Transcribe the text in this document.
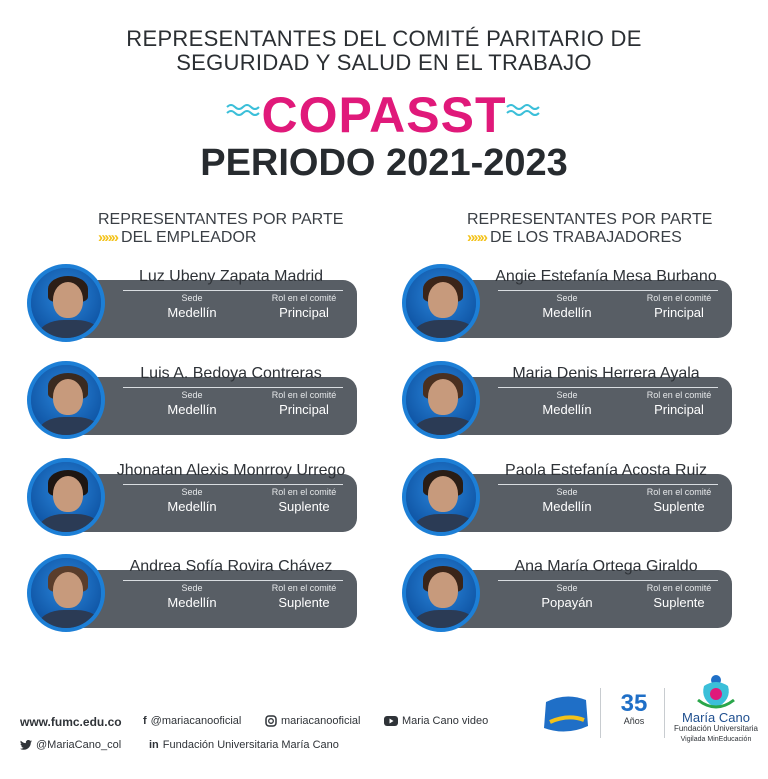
REPRESENTANTES DEL COMITÉ PARITARIO DE
SEGURIDAD Y SALUD EN EL TRABAJO
COPASST
PERIODO 2021-2023
REPRESENTANTES POR PARTE
»»» DEL EMPLEADOR
REPRESENTANTES POR PARTE
»»» DE LOS TRABAJADORES
Luz Ubeny Zapata Madrid
Sede	Rol en el comité
Medellín	Principal
Luis A. Bedoya Contreras
Sede	Rol en el comité
Medellín	Principal
Jhonatan Alexis Monrroy Urrego
Sede	Rol en el comité
Medellín	Suplente
Andrea Sofía Rovira Chávez
Sede	Rol en el comité
Medellín	Suplente
Angie Estefanía Mesa Burbano
Sede	Rol en el comité
Medellín	Principal
Maria Denis Herrera Ayala
Sede	Rol en el comité
Medellín	Principal
Paola Estefanía Acosta Ruiz
Sede	Rol en el comité
Medellín	Suplente
Ana María Ortega Giraldo
Sede	Rol en el comité
Popayán	Suplente
www.fumc.edu.co f @mariacanooficial	mariacanooficial	Maria Cano video
@MariaCano_col	in Fundación Universitaria María Cano
35
Años	María Cano
Fundación Universitaria
Vigilada MinEducación
